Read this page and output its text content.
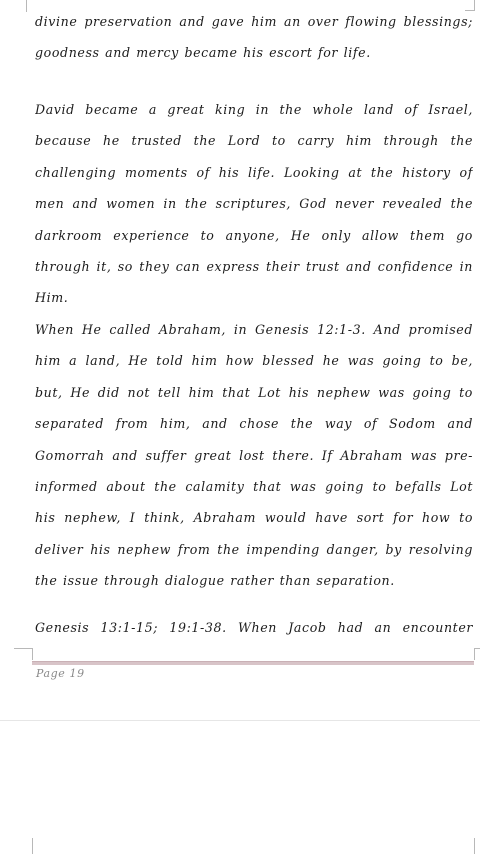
divine preservation and gave him an over flowing blessings;
goodness and mercy became his escort for life.

David became a great king in the whole land of Israel,
because he trusted the Lord to carry him through the
challenging moments of his life. Looking at the history of
men and women in the scriptures, God never revealed the
darkroom experience to anyone, He only allow them go
through it, so they can express their trust and confidence in
Him.

When He called Abraham, in Genesis 12:1-3. And promised
him a land, He told him how blessed he was going to be,
but, He did not tell him that Lot his nephew was going to
separated from him, and chose the way of Sodom and
Gomorrah and suffer great lost there. If Abraham was pre-
informed about the calamity that was going to befalls Lot
his nephew, I think, Abraham would have sort for how to
deliver his nephew from the impending danger, by resolving
the issue through dialogue rather than separation.

Genesis 13:1-15; 19:1-38. When Jacob had an encounter

Page 19
